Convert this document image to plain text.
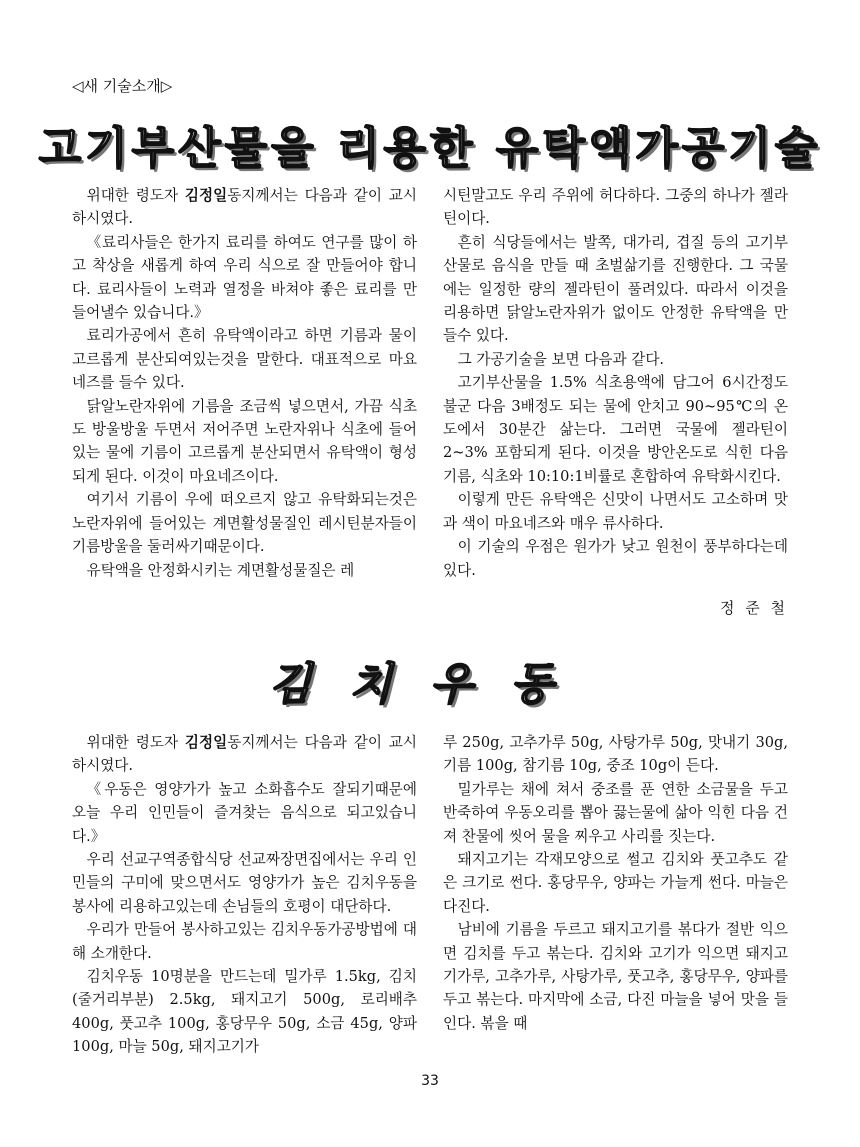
◁새 기술소개▷
고기부산물을 리용한 유탁액가공기술

위대한 령도자 김정일동지께서는 다음과 같이 교시하시였다.

《료리사들은 한가지 료리를 하여도 연구를 많이 하고 착상을 새롭게 하여 우리 식으로 잘 만들어야 합니다. 료리사들이 노력과 열정을 바쳐야 좋은 료리를 만들어낼수 있습니다.》

료리가공에서 흔히 유탁액이라고 하면 기름과 물이 고르롭게 분산되여있는것을 말한다. 대표적으로 마요네즈를 들수 있다.

닭알노란자위에 기름을 조금씩 넣으면서, 가끔 식초도 방울방울 두면서 저어주면 노란자위나 식초에 들어있는 물에 기름이 고르롭게 분산되면서 유탁액이 형성되게 된다. 이것이 마요네즈이다.

여기서 기름이 우에 떠오르지 않고 유탁화되는것은 노란자위에 들어있는 계면활성물질인 레시틴분자들이 기름방울을 둘러싸기때문이다.

유탁액을 안정화시키는 계면활성물질은 레

시틴말고도 우리 주위에 허다하다. 그중의 하나가 젤라틴이다.

흔히 식당들에서는 발쪽, 대가리, 겹질 등의 고기부산물로 음식을 만들 때 초벌삶기를 진행한다. 그 국물에는 일정한 량의 젤라틴이 풀려있다. 따라서 이것을 리용하면 닭알노란자위가 없이도 안정한 유탁액을 만들수 있다.

그 가공기술을 보면 다음과 같다.

고기부산물을 1.5% 식초용액에 담그어 6시간정도 불군 다음 3배정도 되는 물에 안치고 90~95℃의 온도에서 30분간 삶는다. 그러면 국물에 젤라틴이 2~3% 포함되게 된다. 이것을 방안온도로 식힌 다음 기름, 식초와 10:10:1비률로 혼합하여 유탁화시킨다.

이렇게 만든 유탁액은 신맛이 나면서도 고소하며 맛과 색이 마요네즈와 매우 류사하다.

이 기술의 우점은 원가가 낮고 원천이 풍부하다는데 있다.

정 준 철
김치우동

위대한 령도자 김정일동지께서는 다음과 같이 교시하시였다.

《우동은 영양가가 높고 소화흡수도 잘되기때문에 오늘 우리 인민들이 즐겨찾는 음식으로 되고있습니다.》

우리 선교구역종합식당 선교짜장면집에서는 우리 인민들의 구미에 맞으면서도 영양가가 높은 김치우동을 봉사에 리용하고있는데 손님들의 호평이 대단하다.

우리가 만들어 봉사하고있는 김치우동가공방법에 대해 소개한다.

김치우동 10명분을 만드는데 밀가루 1.5kg, 김치(줄거리부분) 2.5kg, 돼지고기 500g, 로리배추 400g, 풋고추 100g, 홍당무우 50g, 소금 45g, 양파 100g, 마늘 50g, 돼지고기가

루 250g, 고추가루 50g, 사탕가루 50g, 맛내기 30g, 기름 100g, 참기름 10g, 중조 10g이 든다.

밀가루는 채에 쳐서 중조를 푼 연한 소금물을 두고 반죽하여 우동오리를 뽑아 끓는물에 삶아 익힌 다음 건져 찬물에 씻어 물을 찌우고 사리를 짓는다.

돼지고기는 각재모양으로 썰고 김치와 풋고추도 같은 크기로 썬다. 홍당무우, 양파는 가늘게 썬다. 마늘은 다진다.

남비에 기름을 두르고 돼지고기를 볶다가 절반 익으면 김치를 두고 볶는다. 김치와 고기가 익으면 돼지고기가루, 고추가루, 사탕가루, 풋고추, 홍당무우, 양파를 두고 볶는다. 마지막에 소금, 다진 마늘을 넣어 맛을 들인다. 볶을 때

33
